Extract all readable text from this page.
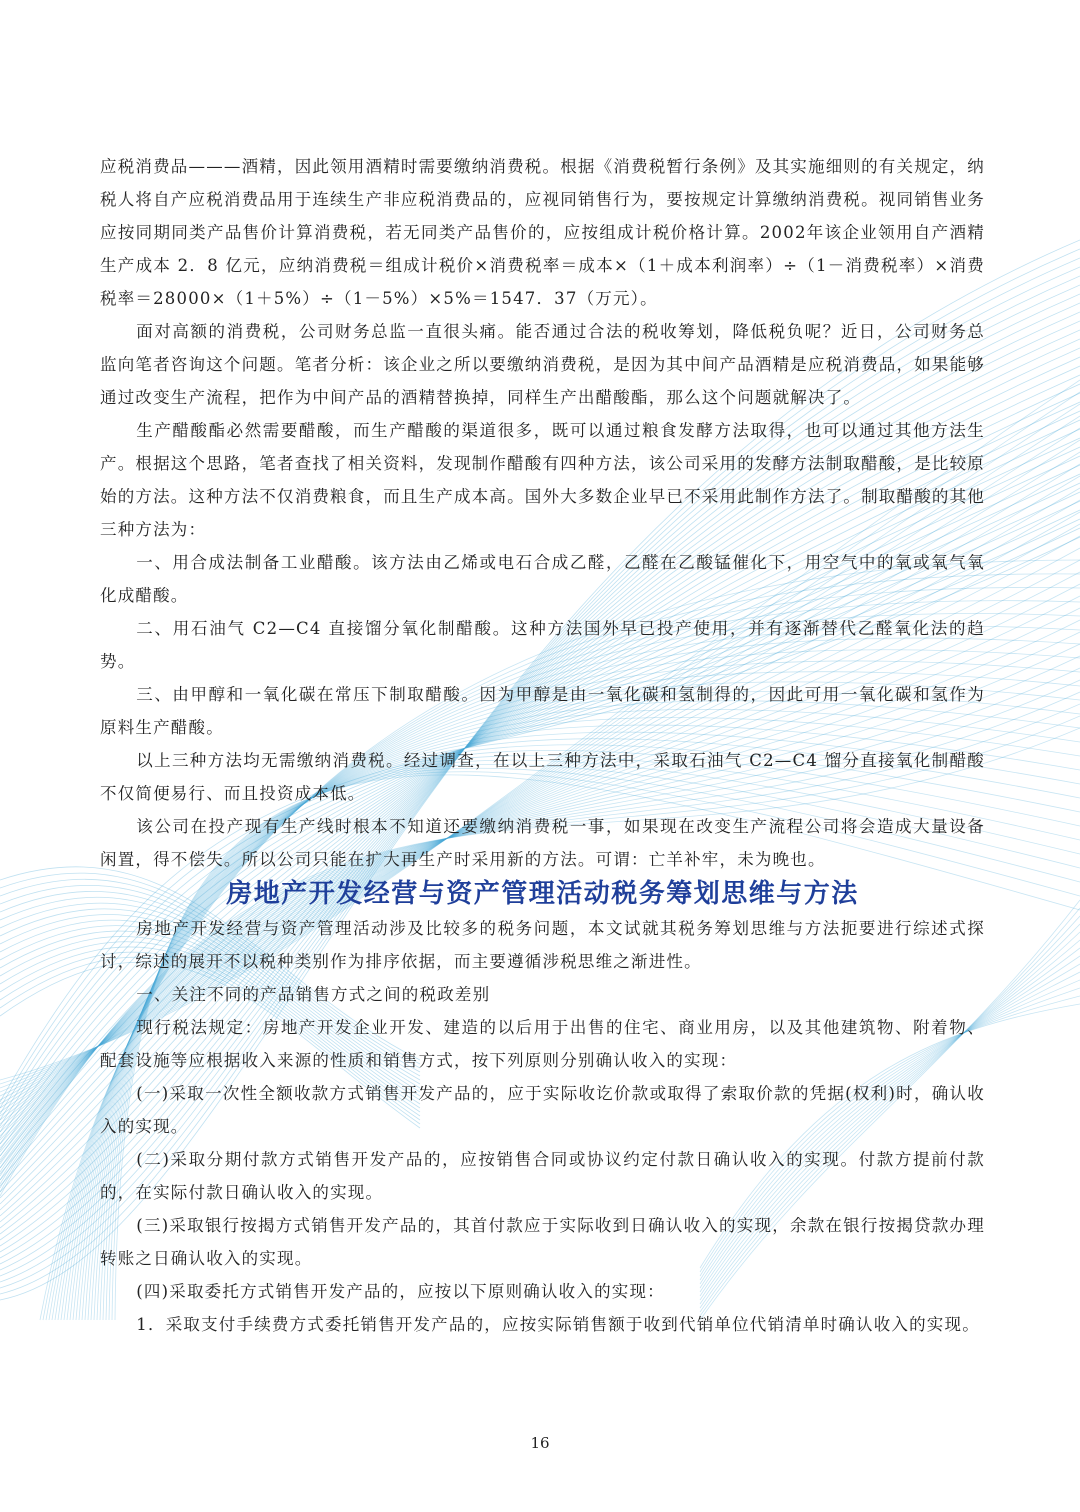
应税消费品———酒精，因此领用酒精时需要缴纳消费税。根据《消费税暂行条例》及其实施细则的有关规定，纳税人将自产应税消费品用于连续生产非应税消费品的，应视同销售行为，要按规定计算缴纳消费税。视同销售业务应按同期同类产品售价计算消费税，若无同类产品售价的，应按组成计税价格计算。2002年该企业领用自产酒精生产成本 2．8 亿元，应纳消费税＝组成计税价×消费税率＝成本×（1＋成本利润率）÷（1－消费税率）×消费税率＝28000×（1＋5%）÷（1－5%）×5%＝1547．37（万元）。

面对高额的消费税，公司财务总监一直很头痛。能否通过合法的税收筹划，降低税负呢？近日，公司财务总监向笔者咨询这个问题。笔者分析：该企业之所以要缴纳消费税，是因为其中间产品酒精是应税消费品，如果能够通过改变生产流程，把作为中间产品的酒精替换掉，同样生产出醋酸酯，那么这个问题就解决了。

生产醋酸酯必然需要醋酸，而生产醋酸的渠道很多，既可以通过粮食发酵方法取得，也可以通过其他方法生产。根据这个思路，笔者查找了相关资料，发现制作醋酸有四种方法，该公司采用的发酵方法制取醋酸，是比较原始的方法。这种方法不仅消费粮食，而且生产成本高。国外大多数企业早已不采用此制作方法了。制取醋酸的其他三种方法为：

一、用合成法制备工业醋酸。该方法由乙烯或电石合成乙醛，乙醛在乙酸锰催化下，用空气中的氧或氧气氧化成醋酸。

二、用石油气 C2—C4 直接馏分氧化制醋酸。这种方法国外早已投产使用，并有逐渐替代乙醛氧化法的趋势。

三、由甲醇和一氧化碳在常压下制取醋酸。因为甲醇是由一氧化碳和氢制得的，因此可用一氧化碳和氢作为原料生产醋酸。

以上三种方法均无需缴纳消费税。经过调查，在以上三种方法中，采取石油气 C2—C4 馏分直接氧化制醋酸不仅简便易行、而且投资成本低。

该公司在投产现有生产线时根本不知道还要缴纳消费税一事，如果现在改变生产流程公司将会造成大量设备闲置，得不偿失。所以公司只能在扩大再生产时采用新的方法。可谓：亡羊补牢，未为晚也。

房地产开发经营与资产管理活动税务筹划思维与方法

房地产开发经营与资产管理活动涉及比较多的税务问题，本文试就其税务筹划思维与方法扼要进行综述式探讨，综述的展开不以税种类别作为排序依据，而主要遵循涉税思维之渐进性。

一、关注不同的产品销售方式之间的税政差别

现行税法规定：房地产开发企业开发、建造的以后用于出售的住宅、商业用房，以及其他建筑物、附着物、配套设施等应根据收入来源的性质和销售方式，按下列原则分别确认收入的实现：

(一)采取一次性全额收款方式销售开发产品的，应于实际收讫价款或取得了索取价款的凭据(权利)时，确认收入的实现。

(二)采取分期付款方式销售开发产品的，应按销售合同或协议约定付款日确认收入的实现。付款方提前付款的，在实际付款日确认收入的实现。

(三)采取银行按揭方式销售开发产品的，其首付款应于实际收到日确认收入的实现，余款在银行按揭贷款办理转账之日确认收入的实现。

(四)采取委托方式销售开发产品的，应按以下原则确认收入的实现：

1．采取支付手续费方式委托销售开发产品的，应按实际销售额于收到代销单位代销清单时确认收入的实现。

16
